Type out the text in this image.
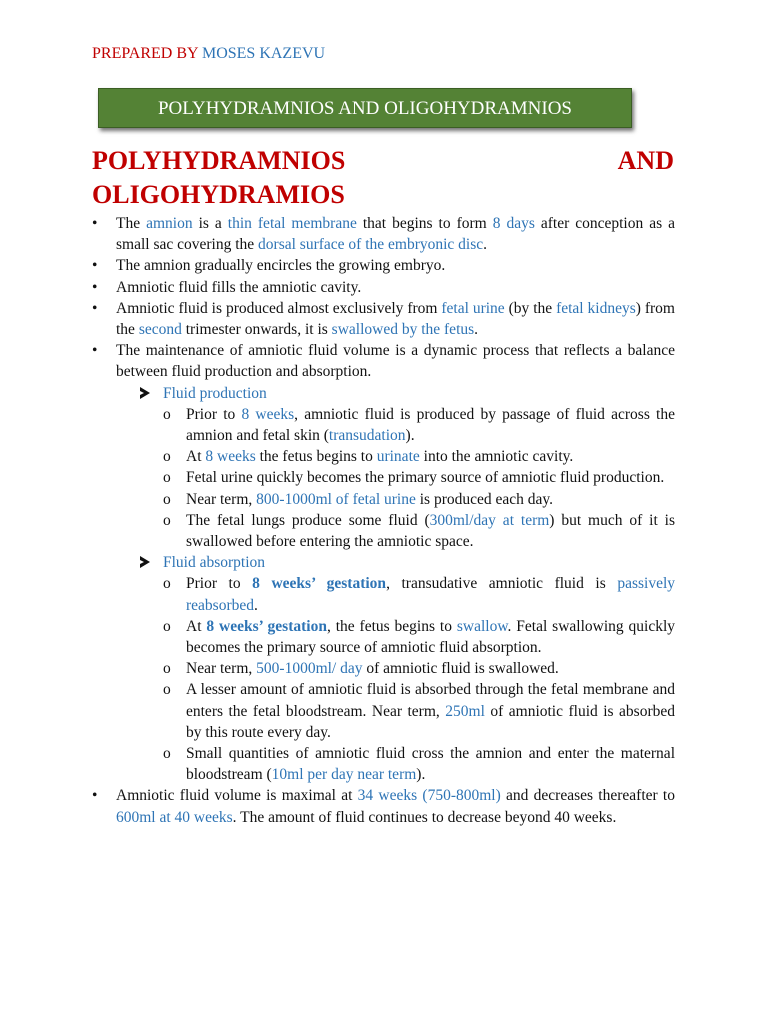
PREPARED BY MOSES KAZEVU
POLYHYDRAMNIOS AND OLIGOHYDRAMNIOS
POLYHYDRAMNIOS	AND
OLIGOHYDRAMIOS
• The amnion is a thin fetal membrane that begins to form 8 days after conception as a small sac covering the dorsal surface of the embryonic disc.
• The amnion gradually encircles the growing embryo.
• Amniotic fluid fills the amniotic cavity.
• Amniotic fluid is produced almost exclusively from fetal urine (by the fetal kidneys) from the second trimester onwards, it is swallowed by the fetus.
• The maintenance of amniotic fluid volume is a dynamic process that reflects a balance between fluid production and absorption.
Fluid production
o Prior to 8 weeks, amniotic fluid is produced by passage of fluid across the amnion and fetal skin (transudation).
o At 8 weeks the fetus begins to urinate into the amniotic cavity.
o Fetal urine quickly becomes the primary source of amniotic fluid production.
o Near term, 800-1000ml of fetal urine is produced each day.
o The fetal lungs produce some fluid (300ml/day at term) but much of it is swallowed before entering the amniotic space.
Fluid absorption
o Prior to 8 weeks’ gestation, transudative amniotic fluid is passively reabsorbed.
o At 8 weeks’ gestation, the fetus begins to swallow. Fetal swallowing quickly becomes the primary source of amniotic fluid absorption.
o Near term, 500-1000ml/ day of amniotic fluid is swallowed.
o A lesser amount of amniotic fluid is absorbed through the fetal membrane and enters the fetal bloodstream. Near term, 250ml of amniotic fluid is absorbed by this route every day.
o Small quantities of amniotic fluid cross the amnion and enter the maternal bloodstream (10ml per day near term).
• Amniotic fluid volume is maximal at 34 weeks (750-800ml) and decreases thereafter to 600ml at 40 weeks. The amount of fluid continues to decrease beyond 40 weeks.
